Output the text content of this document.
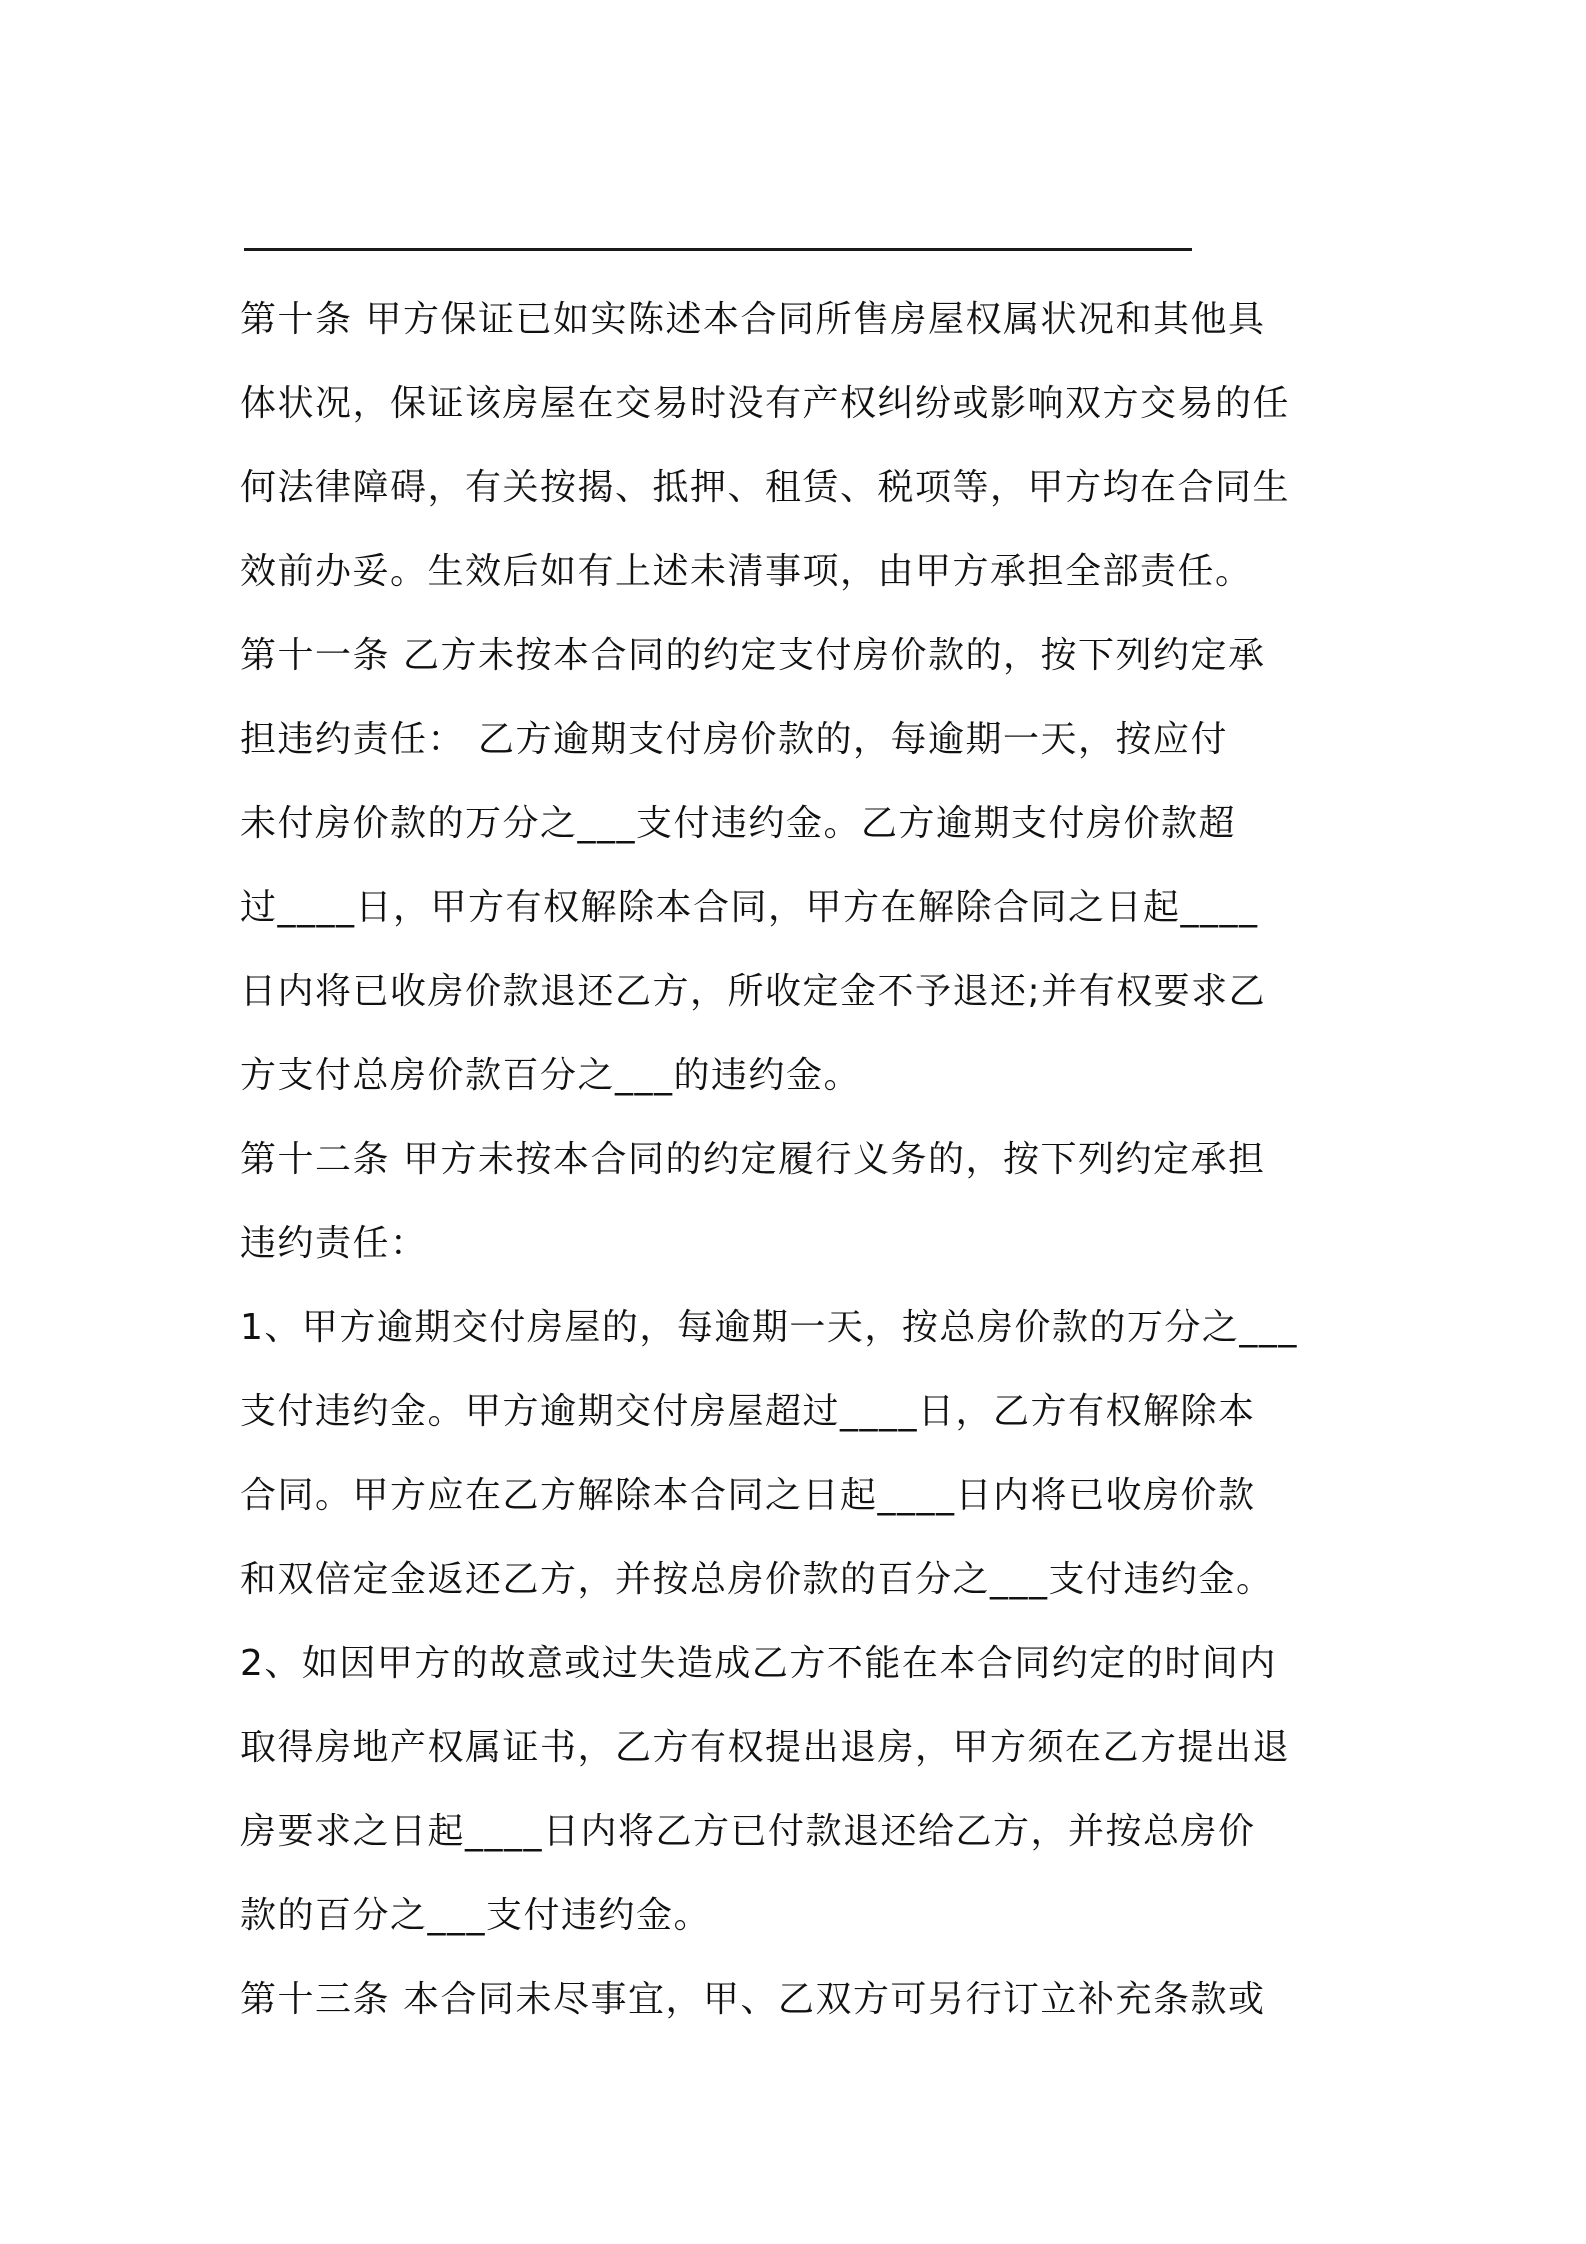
第十条 甲方保证已如实陈述本合同所售房屋权属状况和其他具
体状况，保证该房屋在交易时没有产权纠纷或影响双方交易的任
何法律障碍，有关按揭、抵押、租赁、税项等，甲方均在合同生
效前办妥。生效后如有上述未清事项，由甲方承担全部责任。
第十一条 乙方未按本合同的约定支付房价款的，按下列约定承
担违约责任： 乙方逾期支付房价款的，每逾期一天，按应付
未付房价款的万分之___支付违约金。乙方逾期支付房价款超
过____日，甲方有权解除本合同，甲方在解除合同之日起____
日内将已收房价款退还乙方，所收定金不予退还;并有权要求乙
方支付总房价款百分之___的违约金。
第十二条 甲方未按本合同的约定履行义务的，按下列约定承担
违约责任：
1、甲方逾期交付房屋的，每逾期一天，按总房价款的万分之___
支付违约金。甲方逾期交付房屋超过____日，乙方有权解除本
合同。甲方应在乙方解除本合同之日起____日内将已收房价款
和双倍定金返还乙方，并按总房价款的百分之___支付违约金。
2、如因甲方的故意或过失造成乙方不能在本合同约定的时间内
取得房地产权属证书，乙方有权提出退房，甲方须在乙方提出退
房要求之日起____日内将乙方已付款退还给乙方，并按总房价
款的百分之___支付违约金。
第十三条 本合同未尽事宜，甲、乙双方可另行订立补充条款或
